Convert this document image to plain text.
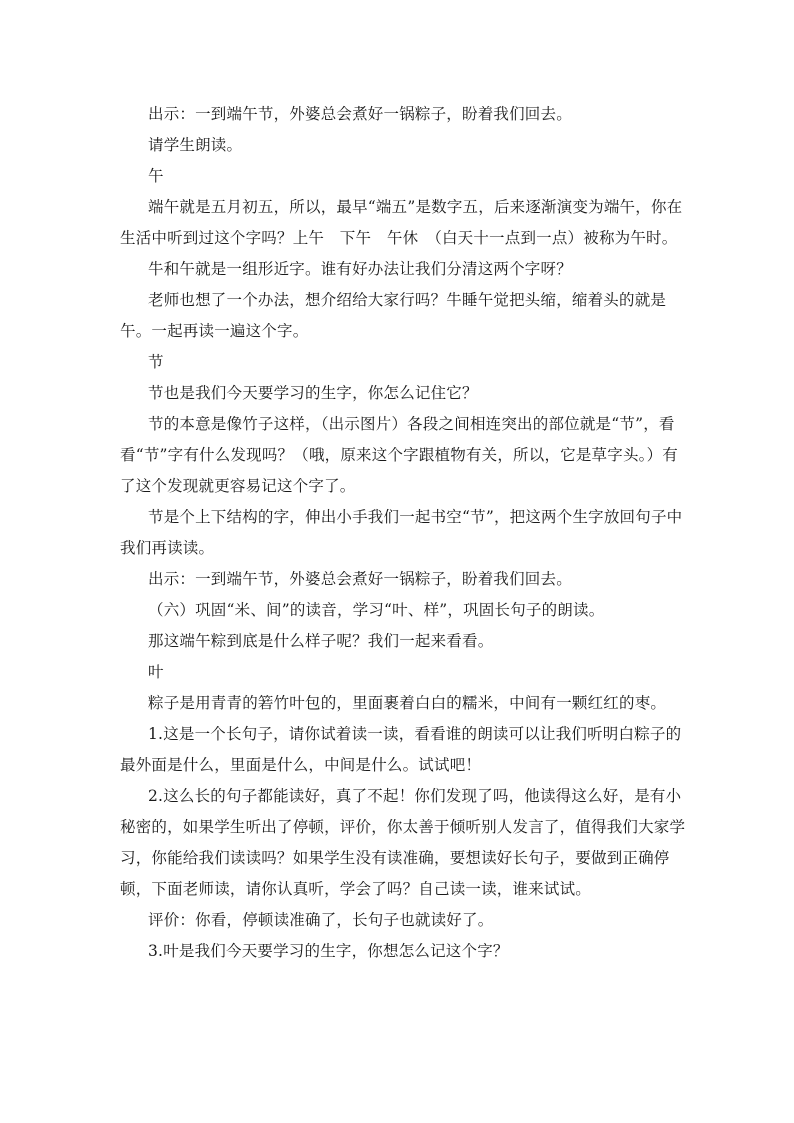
出示：一到端午节，外婆总会煮好一锅粽子，盼着我们回去。

请学生朗读。

午

端午就是五月初五，所以，最早“端五”是数字五，后来逐渐演变为端午，你在生活中听到过这个字吗？上午　下午　午休　（白天十一点到一点）被称为午时。

牛和午就是一组形近字。谁有好办法让我们分清这两个字呀？

老师也想了一个办法，想介绍给大家行吗？牛睡午觉把头缩，缩着头的就是午。一起再读一遍这个字。

节

节也是我们今天要学习的生字，你怎么记住它？

节的本意是像竹子这样，（出示图片）各段之间相连突出的部位就是“节”，看看“节”字有什么发现吗？（哦，原来这个字跟植物有关，所以，它是草字头。）有了这个发现就更容易记这个字了。

节是个上下结构的字，伸出小手我们一起书空“节”，把这两个生字放回句子中我们再读读。

出示：一到端午节，外婆总会煮好一锅粽子，盼着我们回去。

（六）巩固“米、间”的读音，学习“叶、样”，巩固长句子的朗读。

那这端午粽到底是什么样子呢？我们一起来看看。

叶

粽子是用青青的箬竹叶包的，里面裹着白白的糯米，中间有一颗红红的枣。

1.这是一个长句子，请你试着读一读，看看谁的朗读可以让我们听明白粽子的最外面是什么，里面是什么，中间是什么。试试吧！

2.这么长的句子都能读好，真了不起！你们发现了吗，他读得这么好，是有小秘密的，如果学生听出了停顿，评价，你太善于倾听别人发言了，值得我们大家学习，你能给我们读读吗？如果学生没有读准确，要想读好长句子，要做到正确停顿，下面老师读，请你认真听，学会了吗？自己读一读，谁来试试。

评价：你看，停顿读准确了，长句子也就读好了。

3.叶是我们今天要学习的生字，你想怎么记这个字？
